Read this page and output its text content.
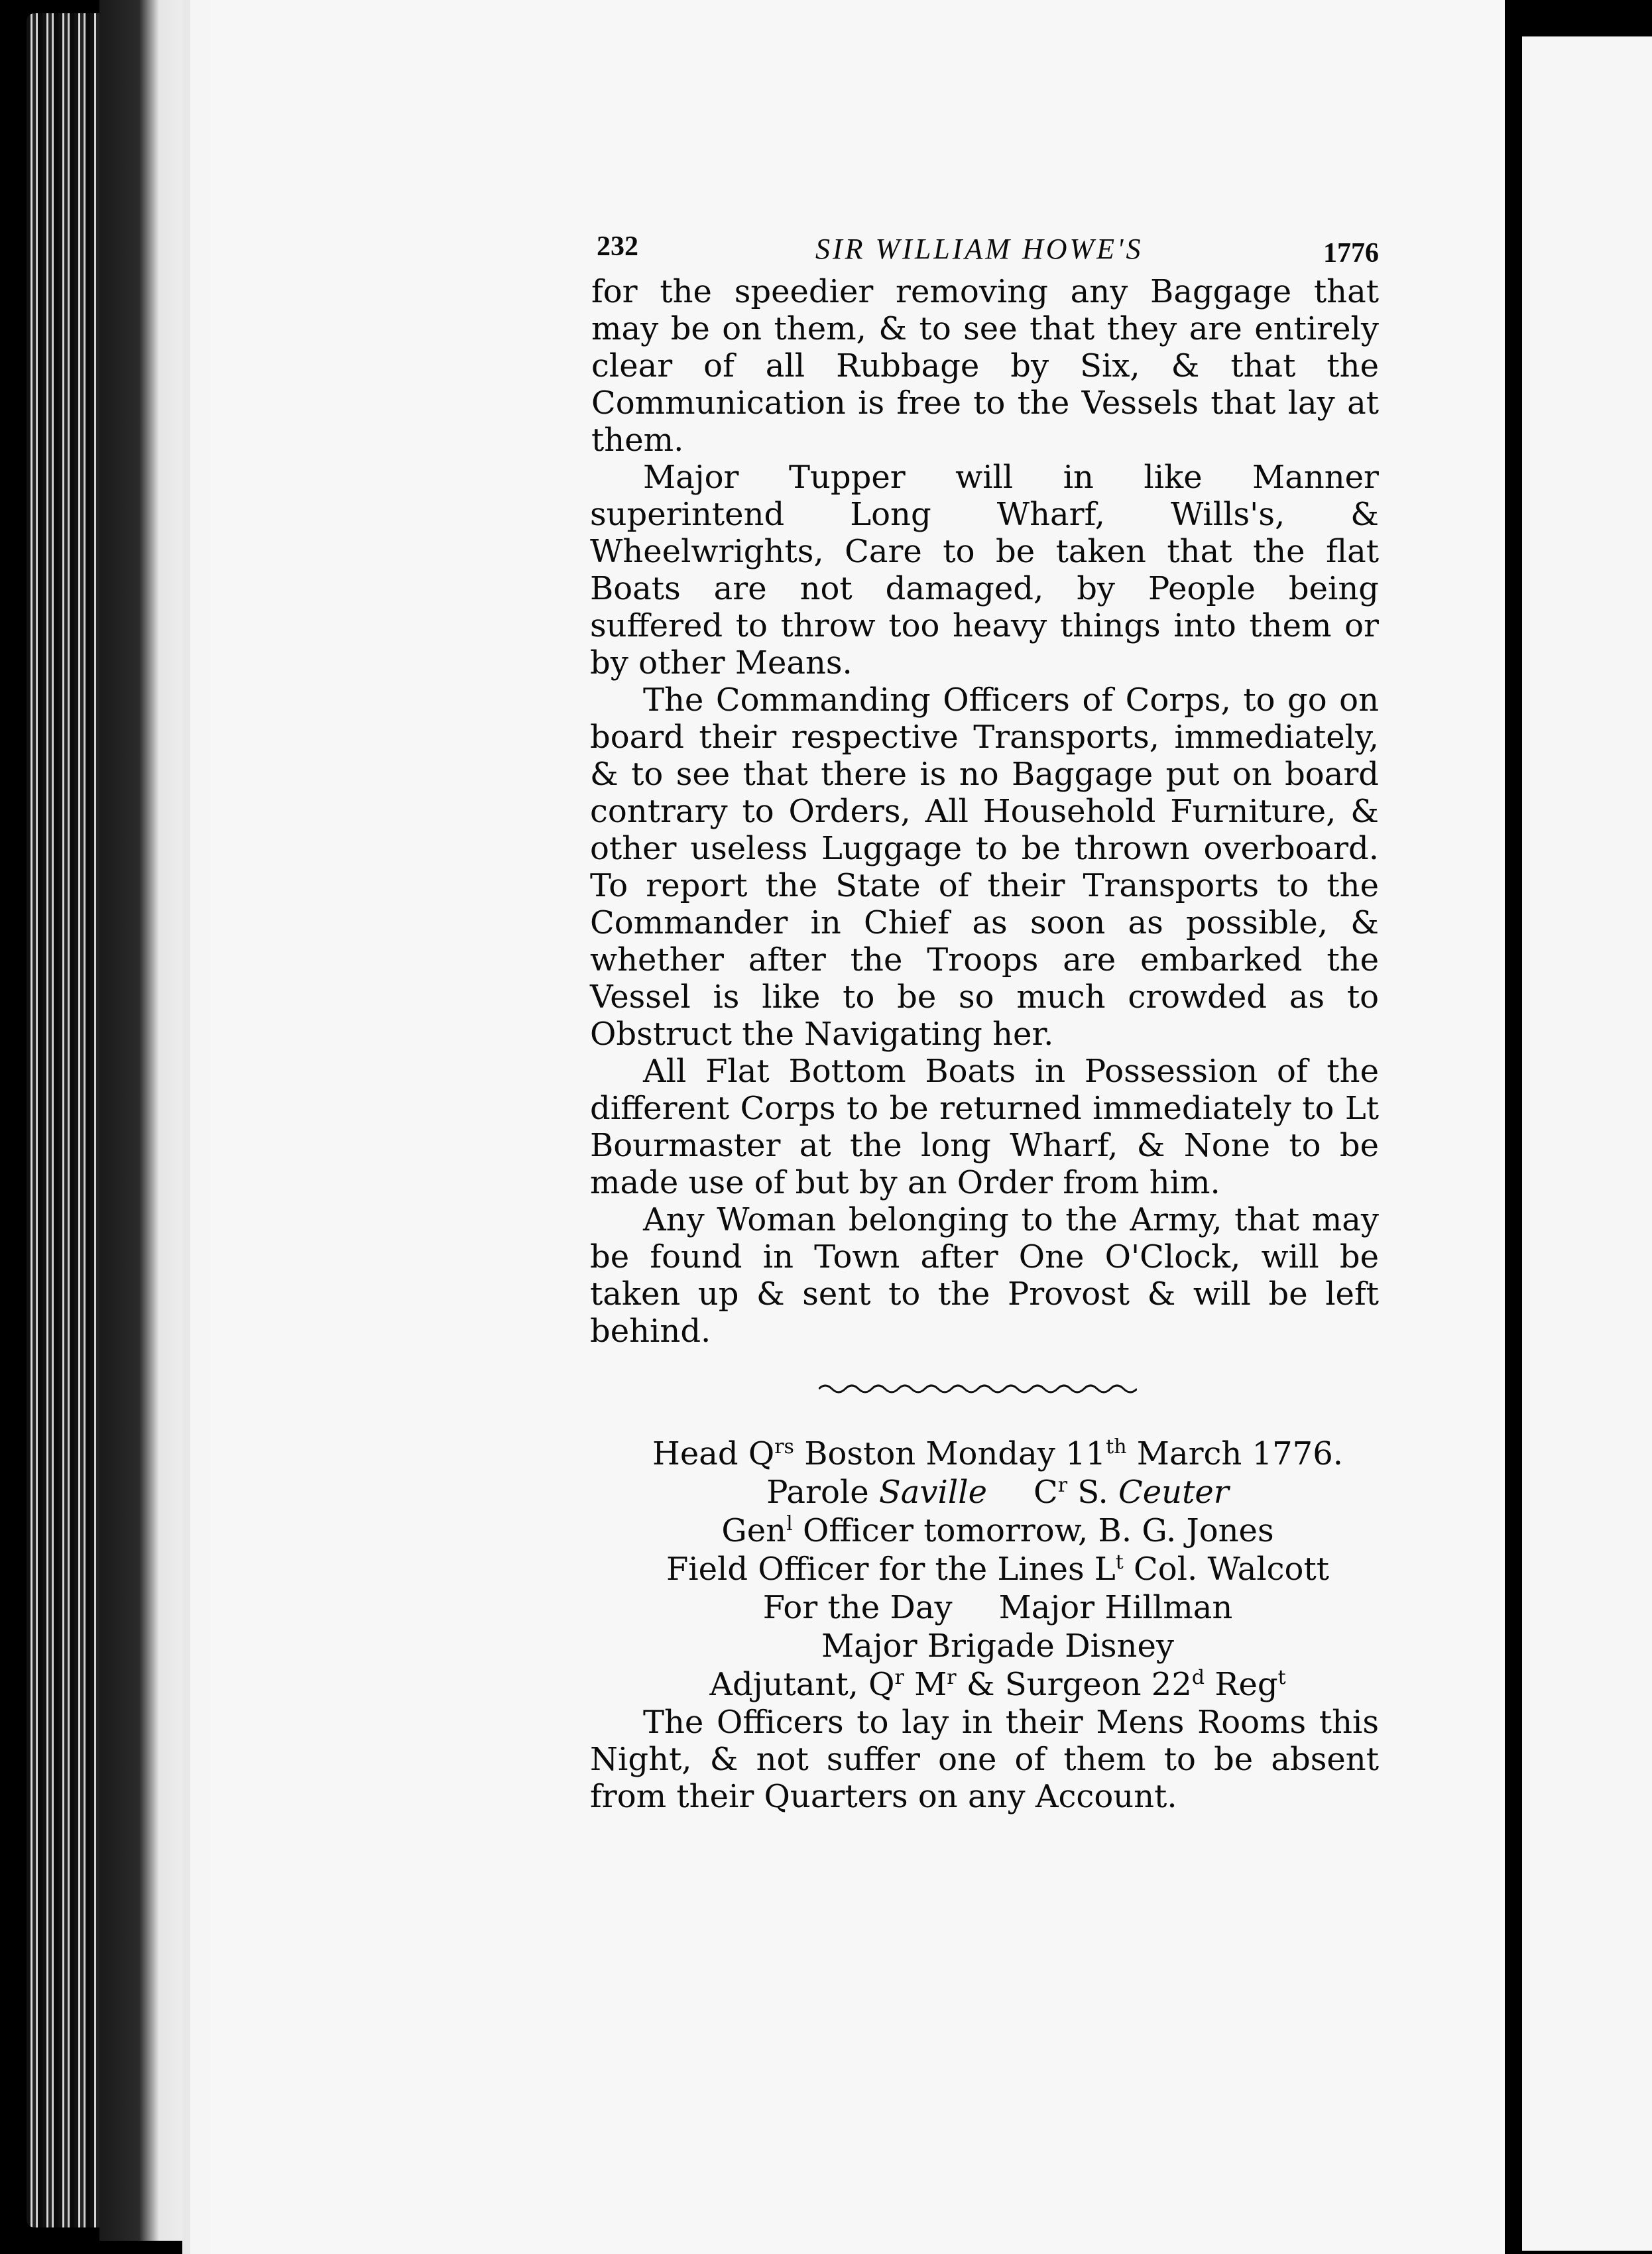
232	SIR WILLIAM HOWE'S	1776

for the speedier removing any Baggage that may be on them, & to see that they are entirely clear of all Rubbage by Six, & that the Communication is free to the Vessels that lay at them.

Major Tupper will in like Manner superintend Long Wharf, Wills's, & Wheelwrights, Care to be taken that the flat Boats are not damaged, by People being suffered to throw too heavy things into them or by other Means.

The Commanding Officers of Corps, to go on board their respective Transports, immediately, & to see that there is no Baggage put on board contrary to Orders, All Household Furniture, & other useless Luggage to be thrown overboard. To report the State of their Transports to the Commander in Chief as soon as possible, & whether after the Troops are embarked the Vessel is like to be so much crowded as to Obstruct the Navigating her.

All Flat Bottom Boats in Possession of the different Corps to be returned immediately to Lt Bourmaster at the long Wharf, & None to be made use of but by an Order from him.

Any Woman belonging to the Army, that may be found in Town after One O'Clock, will be taken up & sent to the Provost & will be left behind.

Head $Q^{rs}$ Boston Monday 11th March 1776.
Parole Saville $C^r$ S. Ceuter
Gen$^l$ Officer tomorrow, B. G. Jones
Field Officer for the Lines $L^t$ Col. Walcott
For the Day Major Hillman
Major Brigade Disney
Adjutant, $Q^r$ $M^r$ & Surgeon 22$^d$ Reg$^t$

The Officers to lay in their Mens Rooms this Night, & not suffer one of them to be absent from their Quarters on any Account.
